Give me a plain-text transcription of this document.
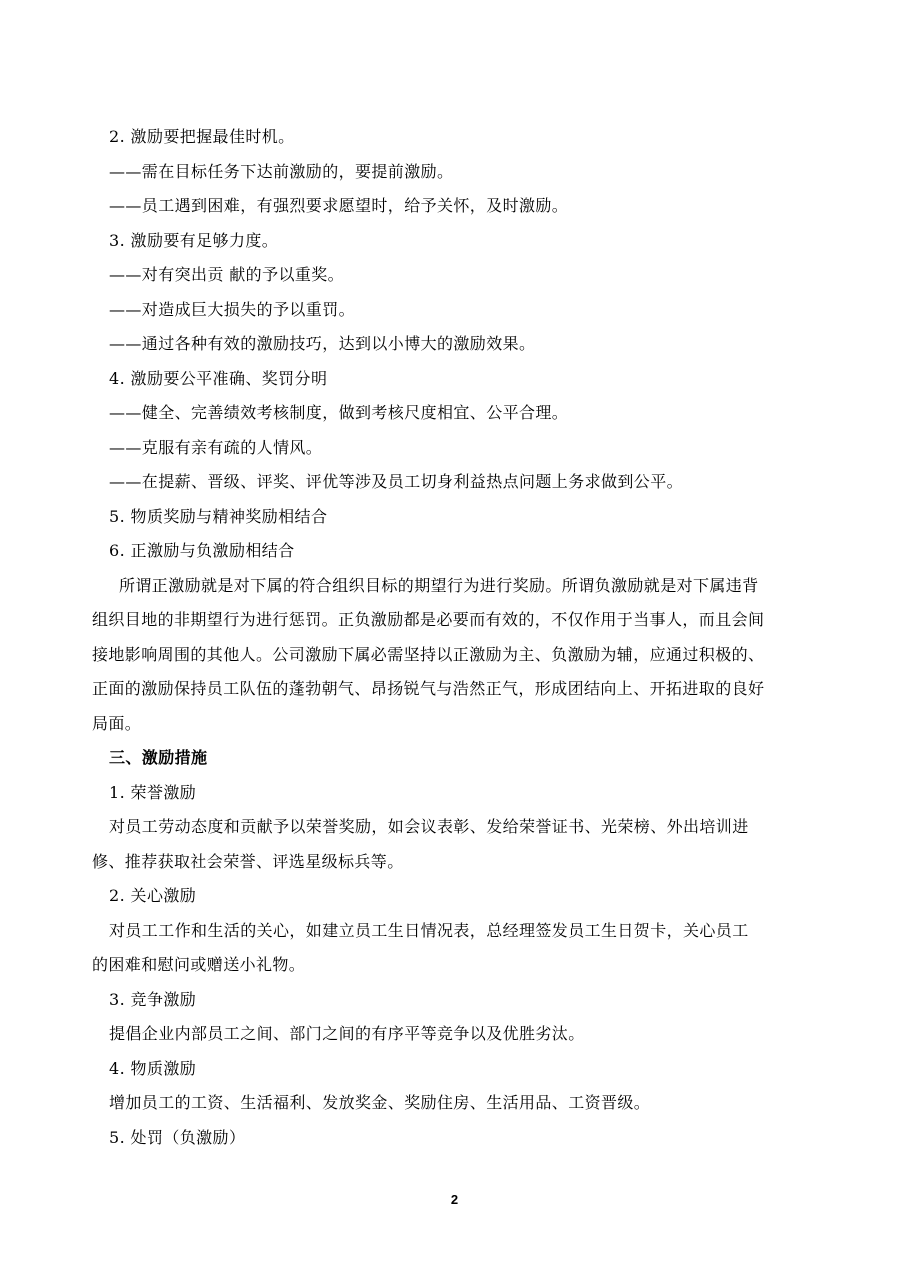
2. 激励要把握最佳时机。

——需在目标任务下达前激励的，要提前激励。

——员工遇到困难，有强烈要求愿望时，给予关怀，及时激励。

3. 激励要有足够力度。

——对有突出贡 献的予以重奖。

——对造成巨大损失的予以重罚。

——通过各种有效的激励技巧，达到以小博大的激励效果。

4. 激励要公平准确、奖罚分明

——健全、完善绩效考核制度，做到考核尺度相宜、公平合理。

——克服有亲有疏的人情风。

——在提薪、晋级、评奖、评优等涉及员工切身利益热点问题上务求做到公平。

5. 物质奖励与精神奖励相结合

6. 正激励与负激励相结合

所谓正激励就是对下属的符合组织目标的期望行为进行奖励。所谓负激励就是对下属违背

组织目地的非期望行为进行惩罚。正负激励都是必要而有效的，不仅作用于当事人，而且会间

接地影响周围的其他人。公司激励下属必需坚持以正激励为主、负激励为辅，应通过积极的、

正面的激励保持员工队伍的蓬勃朝气、昂扬锐气与浩然正气，形成团结向上、开拓进取的良好

局面。

三、激励措施

1. 荣誉激励

对员工劳动态度和贡献予以荣誉奖励，如会议表彰、发给荣誉证书、光荣榜、外出培训进

修、推荐获取社会荣誉、评选星级标兵等。

2. 关心激励

对员工工作和生活的关心，如建立员工生日情况表，总经理签发员工生日贺卡，关心员工

的困难和慰问或赠送小礼物。

3. 竞争激励

提倡企业内部员工之间、部门之间的有序平等竞争以及优胜劣汰。

4. 物质激励

增加员工的工资、生活福利、发放奖金、奖励住房、生活用品、工资晋级。

5. 处罚（负激励）

2
